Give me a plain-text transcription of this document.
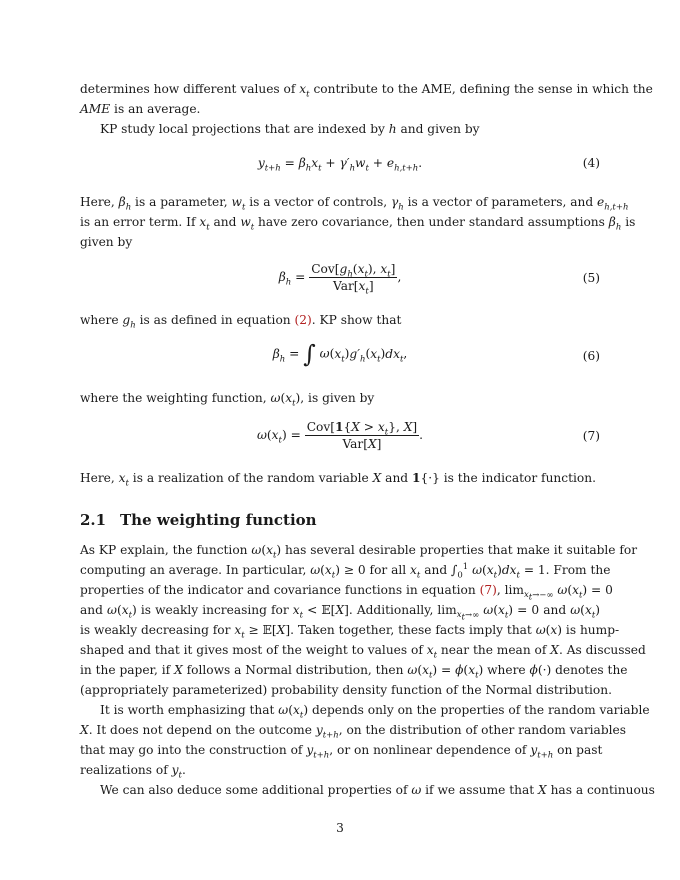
determines how different values of $x_t$ contribute to the AME, defining the sense in which the
AME is an average.
KP study local projections that are indexed by h and given by
$y_{t+h} = \beta_hx_t + \gamma'_hw_t + e_{h,t+h}$.	(4)
Here, $\beta_h$ is a parameter, $w_t$ is a vector of controls, $\gamma_h$ is a vector of parameters, and $e_{h,t+h}$
is an error term. If $x_t$ and $w_t$ have zero covariance, then under standard assumptions $\beta_h$ is
given by
$\beta_h = \frac{Cov[g_h(x_t), x_t]}{Var[x_t]}$ ,	(5)
where $g_h$ is as defined in equation (2). KP show that
$\beta_h$ = ∫ $\omega(x_t)g'_h(x_t)dx_t$,	(6)
where the weighting function, $\omega(x_t)$, is given by
$\omega(x_t) = \frac{Cov[1\{X > x_t\}, X]}{\text{Var[X]}}$ .	(7)
Here, $x_t$ is a realization of the random variable X and 1{·} is the indicator function.
2.1 The weighting function
As KP explain, the function $\omega(x_t)$ has several desirable properties that make it suitable for
computing an average. In particular, $\omega(x_t) \ge 0$ for all $x_t$ and $\int_0^1$ $\omega(x_t)dx_t = 1$. From the
properties of the indicator and covariance functions in equation (7), $\lim_{x_t\to-\infty} \omega(x_t) = 0$
and $\omega(x_t)$ is weakly increasing for $x_t$ < 𝔼[X]. Additionally, $\lim_{x_t\to\infty} \omega(x_t) = 0$ and $\omega(x_t)$
is weakly decreasing for $x_t$ ≥ 𝔼[X]. Taken together, these facts imply that ω(x) is hump-
shaped and that it gives most of the weight to values of $x_t$ near the mean of X. As discussed
in the paper, if X follows a Normal distribution, then $\omega(x_t) = \phi(x_t)$ where ϕ(·) denotes the
(appropriately parameterized) probability density function of the Normal distribution.
It is worth emphasizing that $\omega(x_t)$ depends only on the properties of the random variable
X. It does not depend on the outcome $y_{t+h}$, on the distribution of other random variables
that may go into the construction of $y_{t+h}$, or on nonlinear dependence of $y_{t+h}$ on past
realizations of $y_t$.
We can also deduce some additional properties of ω if we assume that X has a continuous
3
